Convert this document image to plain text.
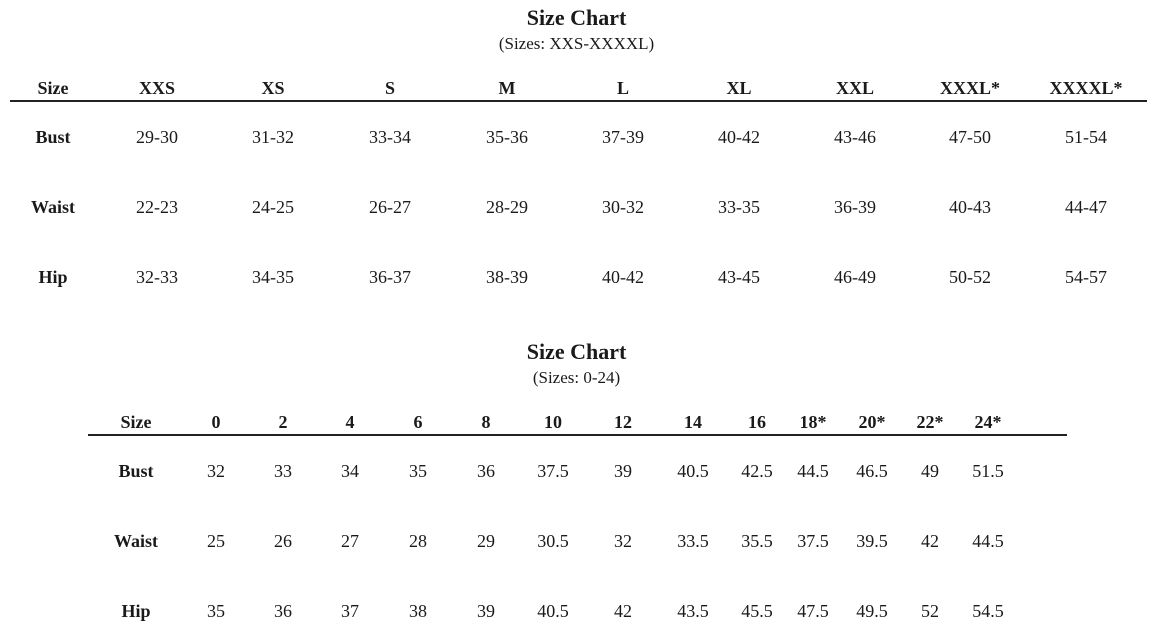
Size Chart
(Sizes: XXS-XXXXL)
Size	XXS	XS	S	M	L	XL	XXL	XXXL*	XXXXL*
Bust	29-30	31-32	33-34	35-36	37-39	40-42	43-46	47-50	51-54
Waist	22-23	24-25	26-27	28-29	30-32	33-35	36-39	40-43	44-47
Hip	32-33	34-35	36-37	38-39	40-42	43-45	46-49	50-52	54-57
Size Chart
(Sizes: 0-24)
Size	0	2	4	6	8	10	12	14	16	18*	20*	22*	24*
Bust	32	33	34	35	36	37.5	39	40.5	42.5	44.5	46.5	49	51.5
Waist	25	26	27	28	29	30.5	32	33.5	35.5	37.5	39.5	42	44.5
Hip	35	36	37	38	39	40.5	42	43.5	45.5	47.5	49.5	52	54.5
